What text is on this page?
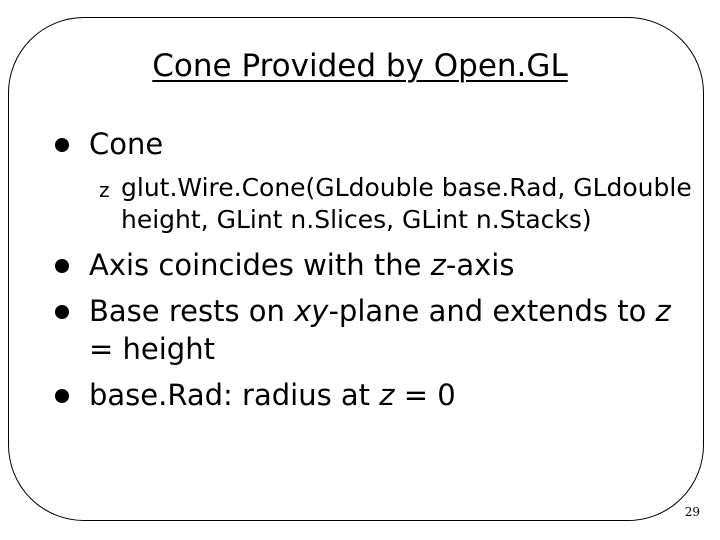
Cone Provided by Open.GL
Cone
z glut.Wire.Cone(GLdouble base.Rad, GLdouble
height, GLint n.Slices, GLint n.Stacks)
Axis coincides with the z-axis
Base rests on xy-plane and extends to z
= height
base.Rad: radius at z = 0
29
